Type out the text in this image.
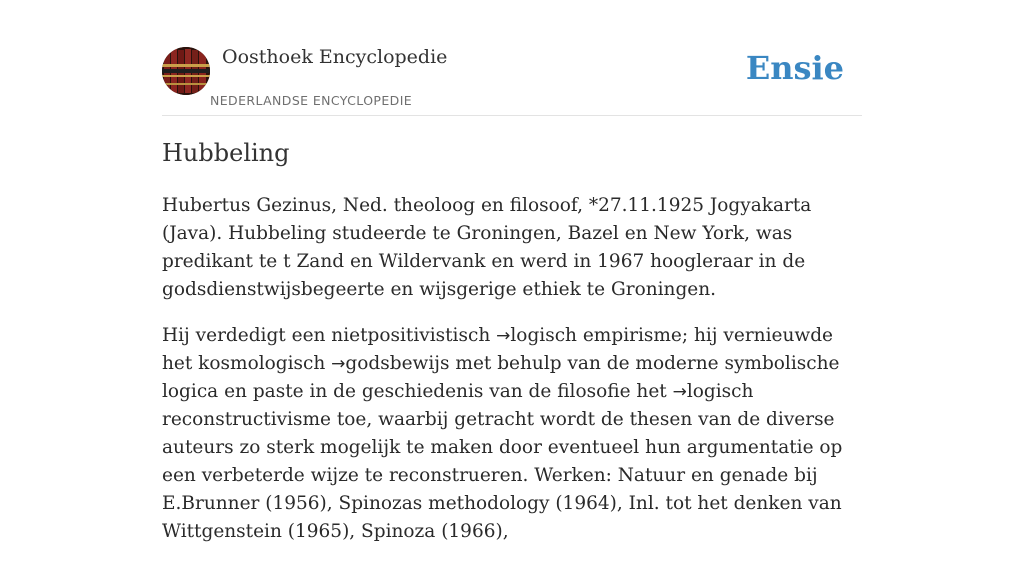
Oosthoek Encyclopedie
NEDERLANDSE ENCYCLOPEDIE
Ensie
Hubbeling

Hubertus Gezinus, Ned. theoloog en filosoof, *27.11.1925 Jogyakarta (Java). Hubbeling studeerde te Groningen, Bazel en New York, was predikant te t Zand en Wildervank en werd in 1967 hoogleraar in de godsdienstwijsbegeerte en wijsgerige ethiek te Groningen.

Hij verdedigt een nietpositivistisch →logisch empirisme; hij vernieuwde het kosmologisch →godsbewijs met behulp van de moderne symbolische logica en paste in de geschiedenis van de filosofie het →logisch reconstructivisme toe, waarbij getracht wordt de thesen van de diverse auteurs zo sterk mogelijk te maken door eventueel hun argumentatie op een verbeterde wijze te reconstrueren. Werken: Natuur en genade bij E.Brunner (1956), Spinozas methodology (1964), Inl. tot het denken van Wittgenstein (1965), Spinoza (1966),
